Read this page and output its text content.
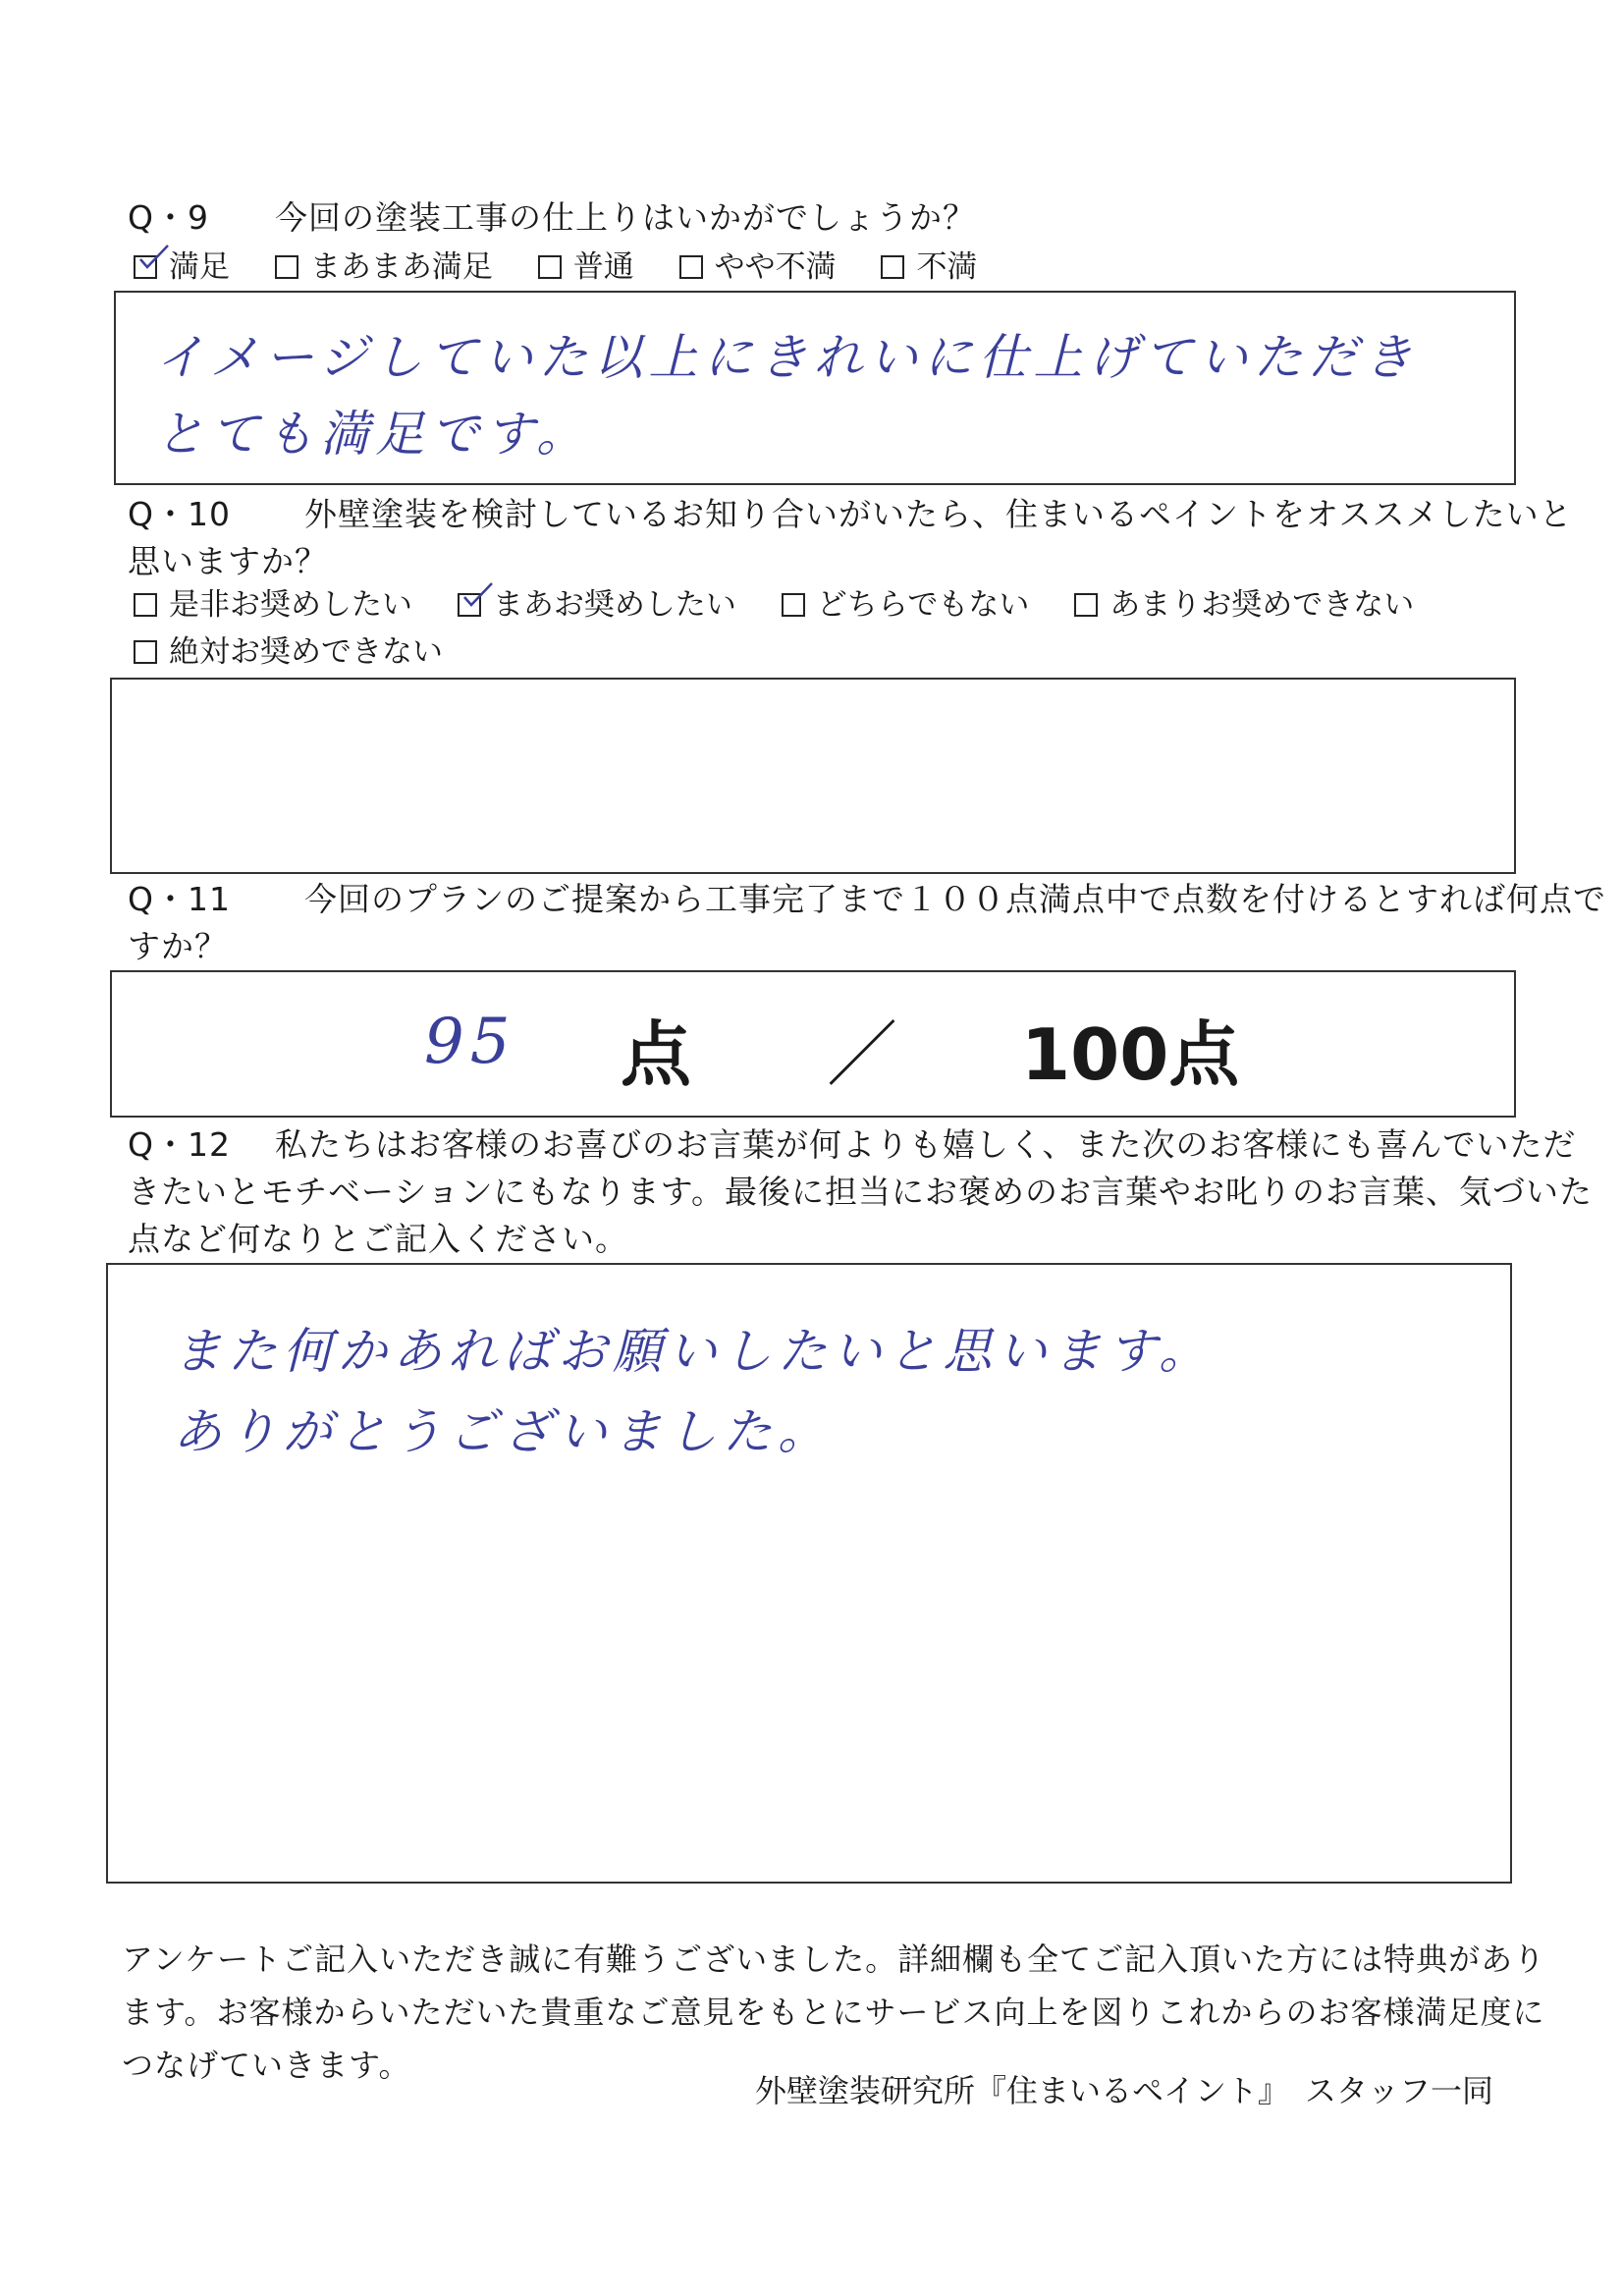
Q・9 今回の塗装工事の仕上りはいかがでしょうか？
満足	まあまあ満足	普通	やや不満	不満
イメージしていた以上にきれいに仕上げていただき
とても満足です。
Q・10 外壁塗装を検討しているお知り合いがいたら、住まいるペイントをオススメしたいと
思いますか？
是非お奨めしたい	まあお奨めしたい	どちらでもない	あまりお奨めできない
絶対お奨めできない
Q・11 今回のプランのご提案から工事完了まで１００点満点中で点数を付けるとすれば何点で
すか？
95 点 ／ 100点
Q・12 私たちはお客様のお喜びのお言葉が何よりも嬉しく、また次のお客様にも喜んでいただ
きたいとモチベーションにもなります。最後に担当にお褒めのお言葉やお叱りのお言葉、気づいた
点など何なりとご記入ください。
また何かあればお願いしたいと思います。
ありがとうございました。
アンケートご記入いただき誠に有難うございました。詳細欄も全てご記入頂いた方には特典があり
ます。お客様からいただいた貴重なご意見をもとにサービス向上を図りこれからのお客様満足度に
つなげていきます。
外壁塗装研究所『住まいるペイント』　スタッフ一同
